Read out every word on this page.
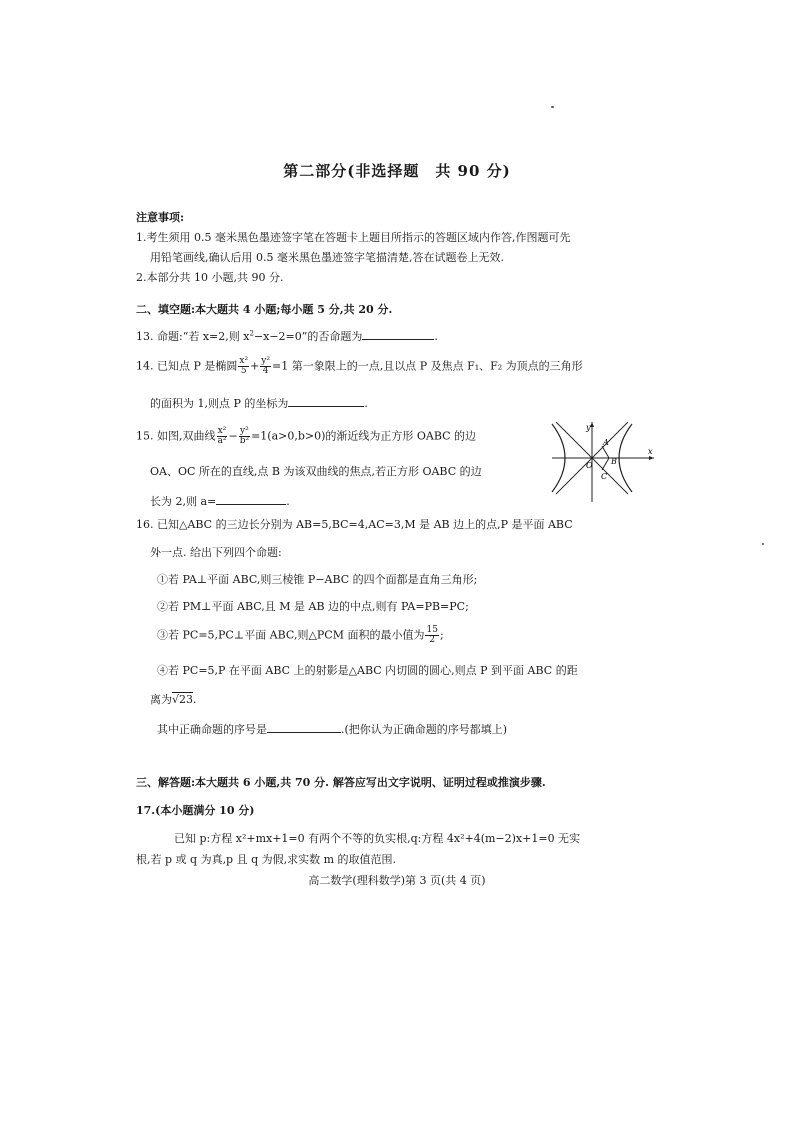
第二部分(非选择题　共 90 分)
注意事项:
1.考生须用 0.5 毫米黑色墨迹签字笔在答题卡上题目所指示的答题区域内作答,作图题可先
用铅笔画线,确认后用 0.5 毫米黑色墨迹签字笔描清楚,答在试题卷上无效.
2.本部分共 10 小题,共 90 分.
二、填空题:本大题共 4 小题;每小题 5 分,共 20 分.
13. 命题:“若 x=2,则 $x^2-x-2=0$”的否命题为	.
14. 已知点 P 是椭圆 $\frac{\text{x²}}{5} + \frac{\text{y²}}{4} =1$ 第一象限上的一点,且以点 P 及焦点 F₁、F₂ 为顶点的三角形
的面积为 1,则点 P 的坐标为	.
15. 如图,双曲线 $\frac{\text{x²}}{\text{a²}} - \frac{\text{y²}}{\text{b²}} =1(a>0,b>0)$的渐近线为正方形 OABC 的边
OA、OC 所在的直线,点 B 为该双曲线的焦点,若正方形 OABC 的边
长为 2,则 a=	.
y
x
O
A
B
C
16. 已知△ABC 的三边长分别为 AB=5,BC=4,AC=3,M 是 AB 边上的点,P 是平面 ABC
外一点. 给出下列四个命题:
①若 PA⊥平面 ABC,则三棱锥 P−ABC 的四个面都是直角三角形;
②若 PM⊥平面 ABC,且 M 是 AB 边的中点,则有 PA=PB=PC;
③若 PC=5,PC⊥平面 ABC,则△PCM 面积的最小值为 $\frac{15}{2}$ ;
④若 PC=5,P 在平面 ABC 上的射影是△ABC 内切圆的圆心,则点 P 到平面 ABC 的距
离为√23.
其中正确命题的序号是	.(把你认为正确命题的序号都填上)
三、解答题:本大题共 6 小题,共 70 分. 解答应写出文字说明、证明过程或推演步骤.
17.(本小题满分 10 分)
已知 p:方程 x²+mx+1=0 有两个不等的负实根,q:方程 4x²+4(m−2)x+1=0 无实
根,若 p 或 q 为真,p 且 q 为假,求实数 m 的取值范围.
高二数学(理科数学)第 3 页(共 4 页)
